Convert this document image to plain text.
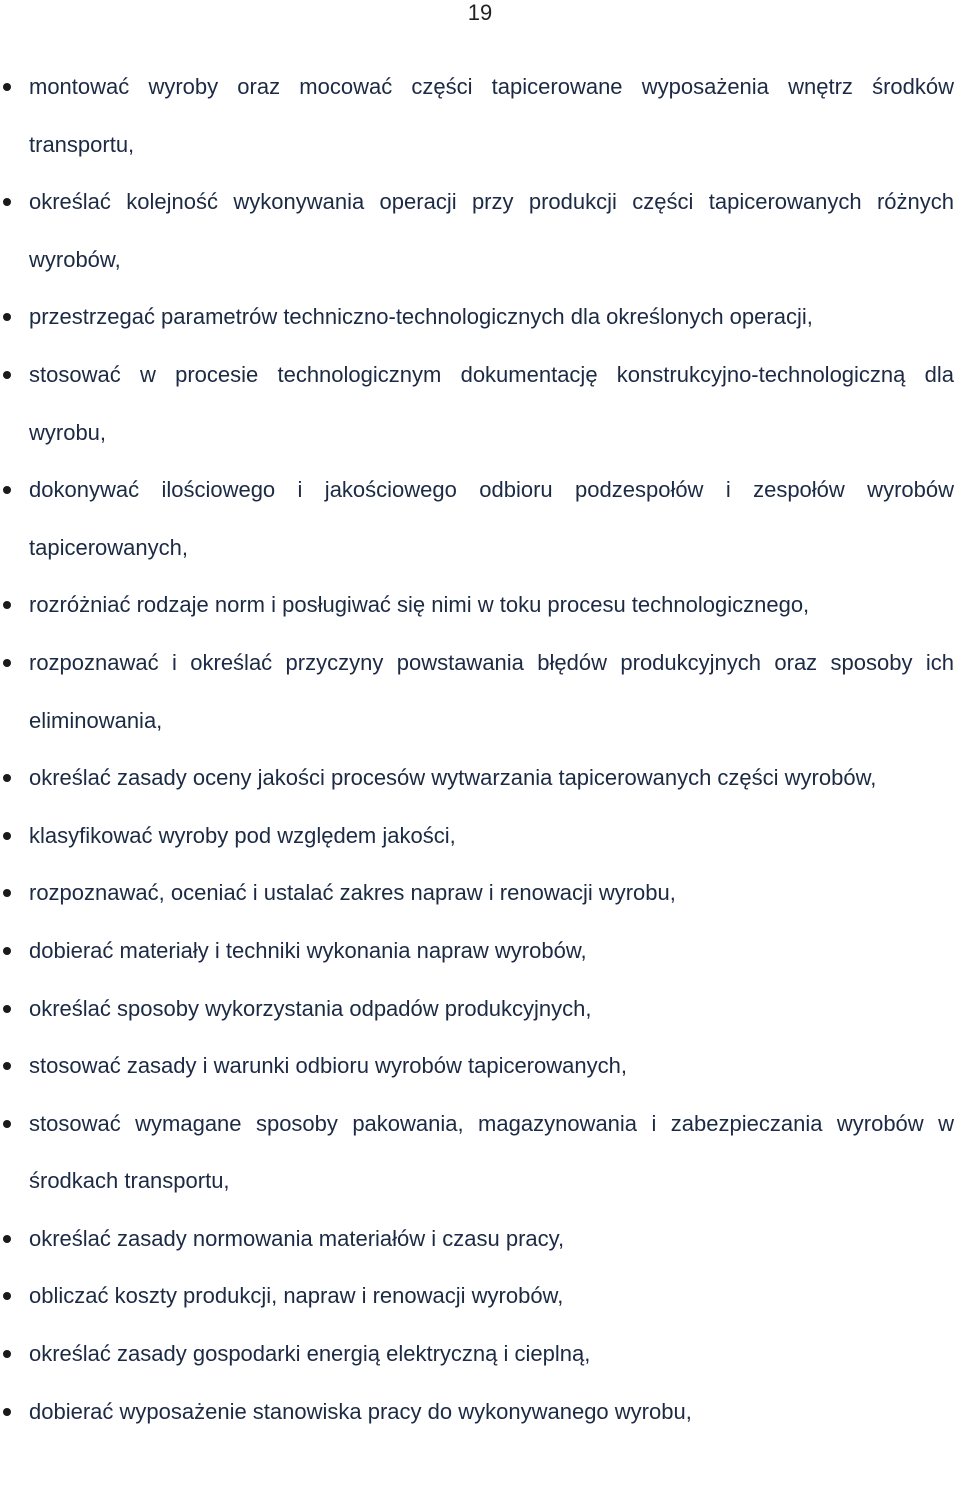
19
montować wyroby oraz mocować części tapicerowane wyposażenia wnętrz środków transportu,
określać kolejność wykonywania operacji przy produkcji części tapicerowanych różnych wyrobów,
przestrzegać parametrów techniczno-technologicznych dla określonych operacji,
stosować w procesie technologicznym dokumentację konstrukcyjno-technologiczną dla wyrobu,
dokonywać ilościowego i jakościowego odbioru podzespołów i zespołów wyrobów tapicerowanych,
rozróżniać rodzaje norm i posługiwać się nimi w toku procesu technologicznego,
rozpoznawać i określać przyczyny powstawania błędów produkcyjnych oraz sposoby ich eliminowania,
określać zasady oceny jakości procesów wytwarzania tapicerowanych części wyrobów,
klasyfikować wyroby pod względem jakości,
rozpoznawać, oceniać i ustalać zakres napraw i renowacji wyrobu,
dobierać materiały i techniki wykonania napraw wyrobów,
określać sposoby wykorzystania odpadów produkcyjnych,
stosować zasady i warunki odbioru wyrobów tapicerowanych,
stosować wymagane sposoby pakowania, magazynowania i zabezpieczania wyrobów w środkach transportu,
określać zasady normowania materiałów i czasu pracy,
obliczać koszty produkcji, napraw i renowacji wyrobów,
określać zasady gospodarki energią elektryczną i cieplną,
dobierać wyposażenie stanowiska pracy do wykonywanego wyrobu,
